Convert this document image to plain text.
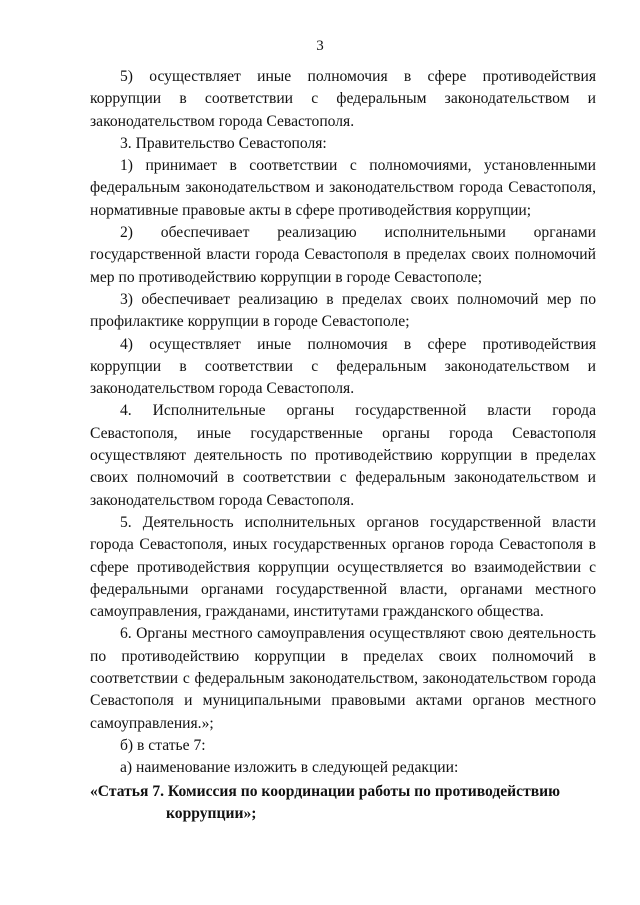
3

5) осуществляет иные полномочия в сфере противодействия коррупции в соответствии с федеральным законодательством и законодательством города Севастополя.

3. Правительство Севастополя:

1) принимает в соответствии с полномочиями, установленными федеральным законодательством и законодательством города Севастополя, нормативные правовые акты в сфере противодействия коррупции;

2) обеспечивает реализацию исполнительными органами государственной власти города Севастополя в пределах своих полномочий мер по противодействию коррупции в городе Севастополе;

3) обеспечивает реализацию в пределах своих полномочий мер по профилактике коррупции в городе Севастополе;

4) осуществляет иные полномочия в сфере противодействия коррупции в соответствии с федеральным законодательством и законодательством города Севастополя.

4. Исполнительные органы государственной власти города Севастополя, иные государственные органы города Севастополя осуществляют деятельность по противодействию коррупции в пределах своих полномочий в соответствии с федеральным законодательством и законодательством города Севастополя.

5. Деятельность исполнительных органов государственной власти города Севастополя, иных государственных органов города Севастополя в сфере противодействия коррупции осуществляется во взаимодействии с федеральными органами государственной власти, органами местного самоуправления, гражданами, институтами гражданского общества.

6. Органы местного самоуправления осуществляют свою деятельность по противодействию коррупции в пределах своих полномочий в соответствии с федеральным законодательством, законодательством города Севастополя и муниципальными правовыми актами органов местного самоуправления.»;

б) в статье 7:

а) наименование изложить в следующей редакции:

«Статья 7. Комиссия по координации работы по противодействию
коррупции»;
